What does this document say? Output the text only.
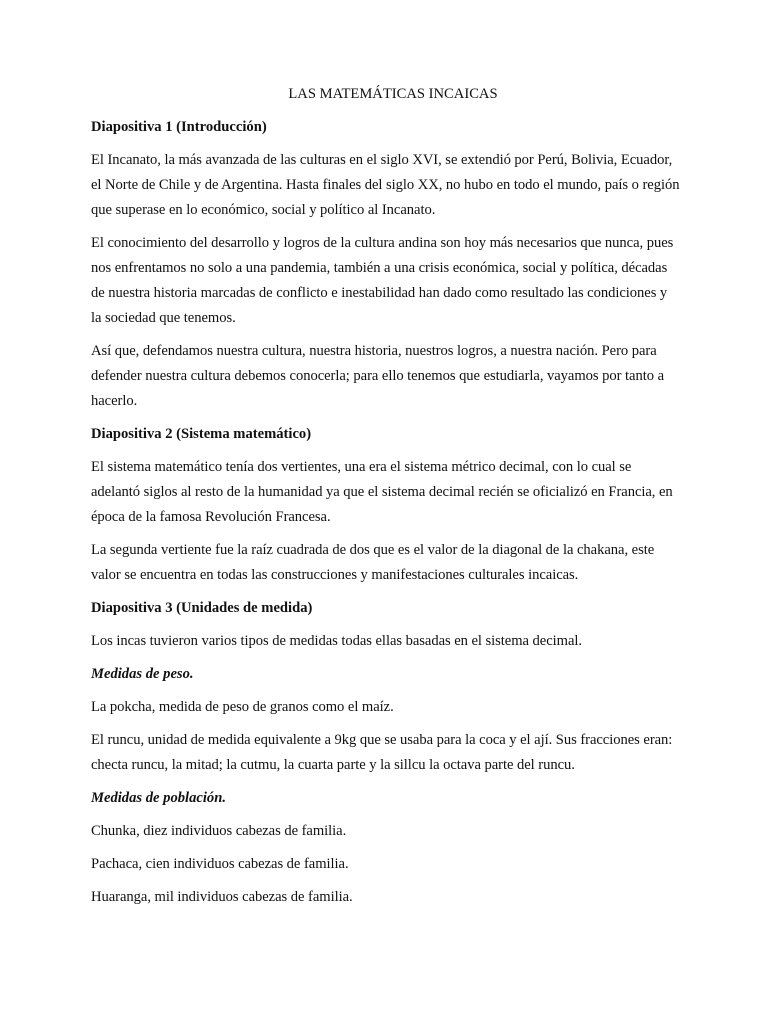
LAS MATEMÁTICAS INCAICAS
Diapositiva 1 (Introducción)

El Incanato, la más avanzada de las culturas en el siglo XVI, se extendió por Perú, Bolivia, Ecuador, el Norte de Chile y de Argentina. Hasta finales del siglo XX, no hubo en todo el mundo, país o región que superase en lo económico, social y político al Incanato.

El conocimiento del desarrollo y logros de la cultura andina son hoy más necesarios que nunca, pues nos enfrentamos no solo a una pandemia, también a una crisis económica, social y política, décadas de nuestra historia marcadas de conflicto e inestabilidad han dado como resultado las condiciones y la sociedad que tenemos.

Así que, defendamos nuestra cultura, nuestra historia, nuestros logros, a nuestra nación. Pero para defender nuestra cultura debemos conocerla; para ello tenemos que estudiarla, vayamos por tanto a hacerlo.

Diapositiva 2 (Sistema matemático)

El sistema matemático tenía dos vertientes, una era el sistema métrico decimal, con lo cual se adelantó siglos al resto de la humanidad ya que el sistema decimal recién se oficializó en Francia, en época de la famosa Revolución Francesa.

La segunda vertiente fue la raíz cuadrada de dos que es el valor de la diagonal de la chakana, este valor se encuentra en todas las construcciones y manifestaciones culturales incaicas.

Diapositiva 3 (Unidades de medida)

Los incas tuvieron varios tipos de medidas todas ellas basadas en el sistema decimal.

Medidas de peso.

La pokcha, medida de peso de granos como el maíz.

El runcu, unidad de medida equivalente a 9kg que se usaba para la coca y el ají. Sus fracciones eran: checta runcu, la mitad; la cutmu, la cuarta parte y la sillcu la octava parte del runcu.

Medidas de población.

Chunka, diez individuos cabezas de familia.

Pachaca, cien individuos cabezas de familia.

Huaranga, mil individuos cabezas de familia.
